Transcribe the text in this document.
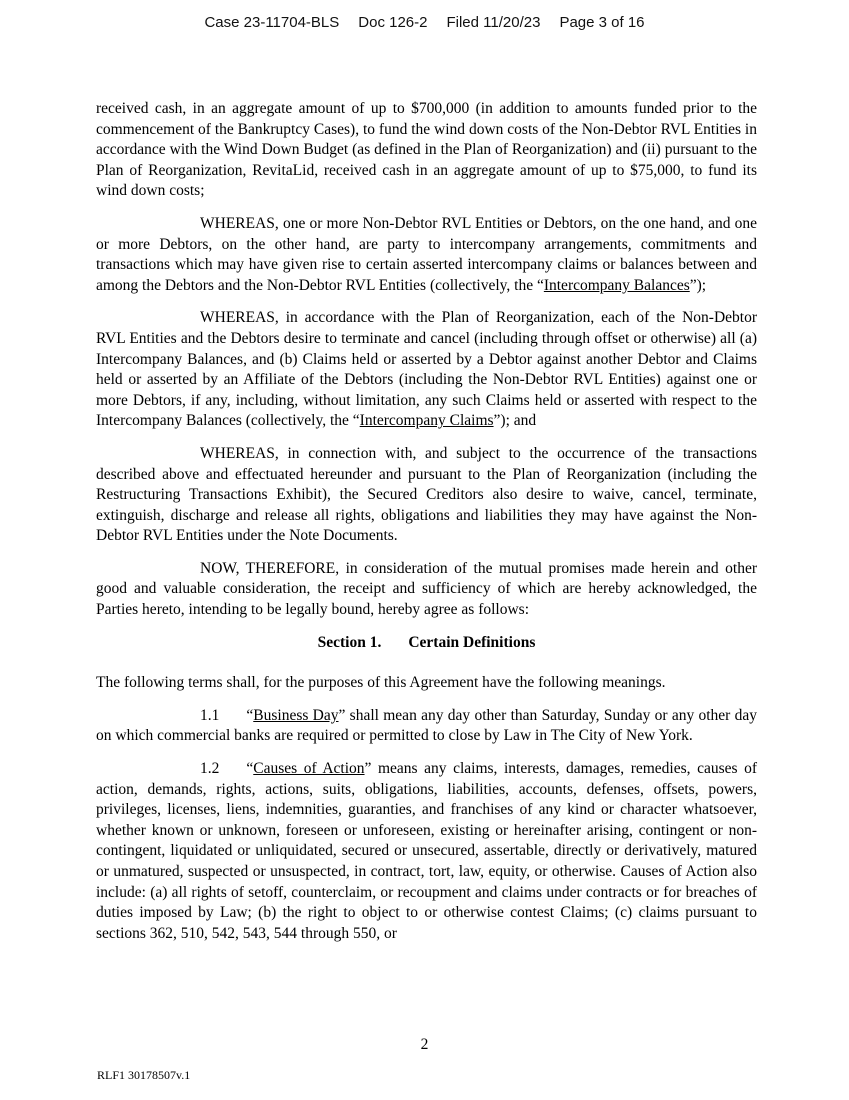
Case 23-11704-BLS Doc 126-2 Filed 11/20/23 Page 3 of 16

received cash, in an aggregate amount of up to $700,000 (in addition to amounts funded prior to the commencement of the Bankruptcy Cases), to fund the wind down costs of the Non-Debtor RVL Entities in accordance with the Wind Down Budget (as defined in the Plan of Reorganization) and (ii) pursuant to the Plan of Reorganization, RevitaLid, received cash in an aggregate amount of up to $75,000, to fund its wind down costs;

WHEREAS, one or more Non-Debtor RVL Entities or Debtors, on the one hand, and one or more Debtors, on the other hand, are party to intercompany arrangements, commitments and transactions which may have given rise to certain asserted intercompany claims or balances between and among the Debtors and the Non-Debtor RVL Entities (collectively, the “Intercompany Balances”);

WHEREAS, in accordance with the Plan of Reorganization, each of the Non-Debtor RVL Entities and the Debtors desire to terminate and cancel (including through offset or otherwise) all (a) Intercompany Balances, and (b) Claims held or asserted by a Debtor against another Debtor and Claims held or asserted by an Affiliate of the Debtors (including the Non-Debtor RVL Entities) against one or more Debtors, if any, including, without limitation, any such Claims held or asserted with respect to the Intercompany Balances (collectively, the “Intercompany Claims”); and

WHEREAS, in connection with, and subject to the occurrence of the transactions described above and effectuated hereunder and pursuant to the Plan of Reorganization (including the Restructuring Transactions Exhibit), the Secured Creditors also desire to waive, cancel, terminate, extinguish, discharge and release all rights, obligations and liabilities they may have against the Non-Debtor RVL Entities under the Note Documents.

NOW, THEREFORE, in consideration of the mutual promises made herein and other good and valuable consideration, the receipt and sufficiency of which are hereby acknowledged, the Parties hereto, intending to be legally bound, hereby agree as follows:

Section 1. Certain Definitions

The following terms shall, for the purposes of this Agreement have the following meanings.

1.1 “Business Day” shall mean any day other than Saturday, Sunday or any other day on which commercial banks are required or permitted to close by Law in The City of New York.

1.2 “Causes of Action” means any claims, interests, damages, remedies, causes of action, demands, rights, actions, suits, obligations, liabilities, accounts, defenses, offsets, powers, privileges, licenses, liens, indemnities, guaranties, and franchises of any kind or character whatsoever, whether known or unknown, foreseen or unforeseen, existing or hereinafter arising, contingent or non-contingent, liquidated or unliquidated, secured or unsecured, assertable, directly or derivatively, matured or unmatured, suspected or unsuspected, in contract, tort, law, equity, or otherwise. Causes of Action also include: (a) all rights of setoff, counterclaim, or recoupment and claims under contracts or for breaches of duties imposed by Law; (b) the right to object to or otherwise contest Claims; (c) claims pursuant to sections 362, 510, 542, 543, 544 through 550, or

2
RLF1 30178507v.1
